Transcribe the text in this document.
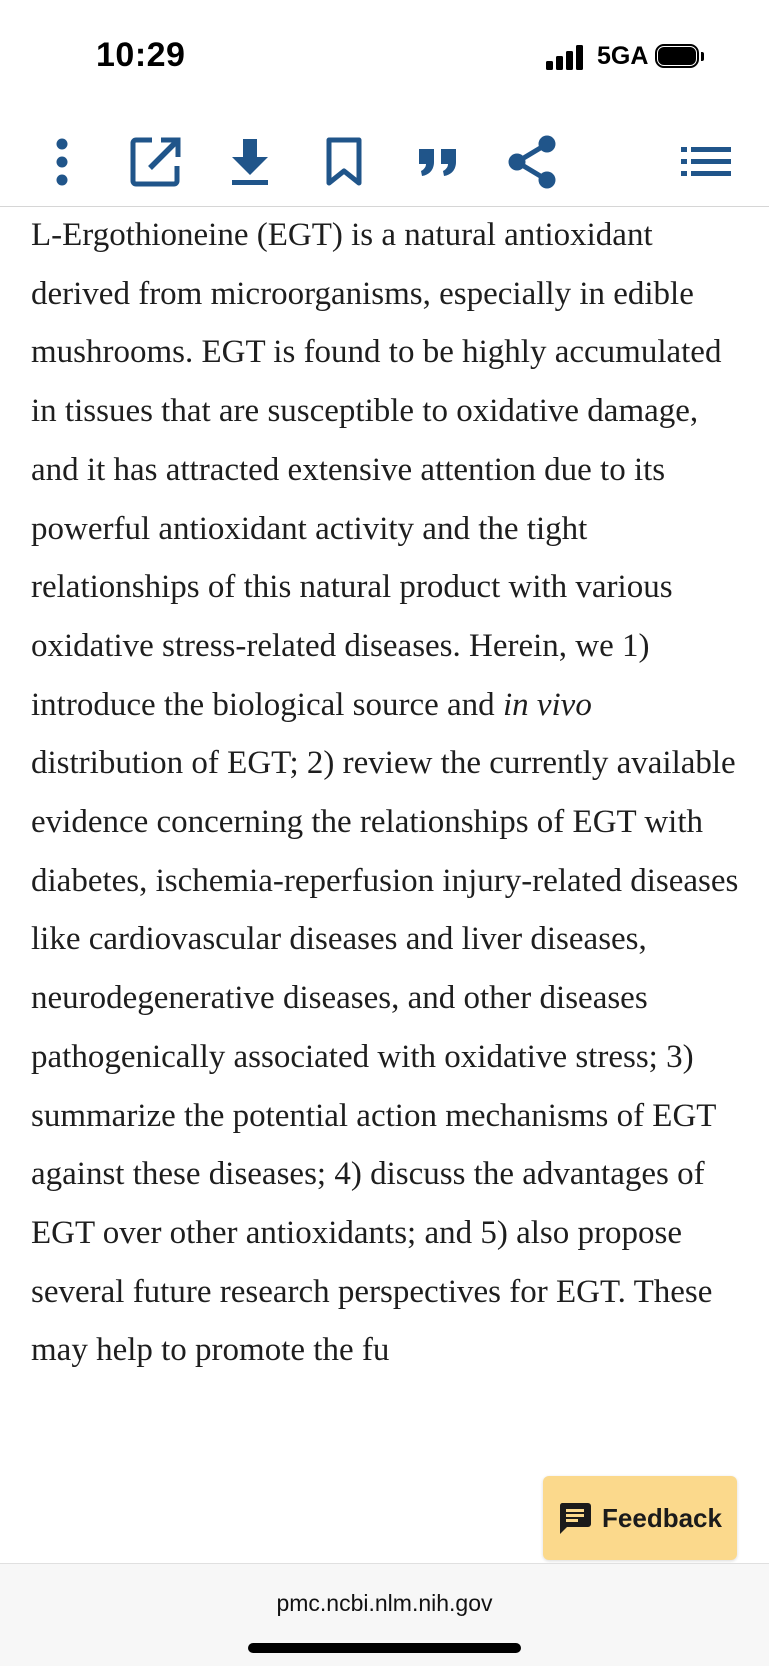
10:29	5GA

L-Ergothioneine (EGT) is a natural antioxidant derived from microorganisms, especially in edible mushrooms. EGT is found to be highly accumulated in tissues that are susceptible to oxidative damage, and it has attracted extensive attention due to its powerful antioxidant activity and the tight relationships of this natural product with various oxidative stress-related diseases. Herein, we 1) introduce the biological source and in vivo distribution of EGT; 2) review the currently available evidence concerning the relationships of EGT with diabetes, ischemia-reperfusion injury-related diseases like cardiovascular diseases and liver diseases, neurodegenerative diseases, and other diseases pathogenically associated with oxidative stress; 3) summarize the potential action mechanisms of EGT against these diseases; 4) discuss the advantages of EGT over other antioxidants; and 5) also propose several future research perspectives for EGT. These may help to promote the fu

Feedback
pmc.ncbi.nlm.nih.gov
